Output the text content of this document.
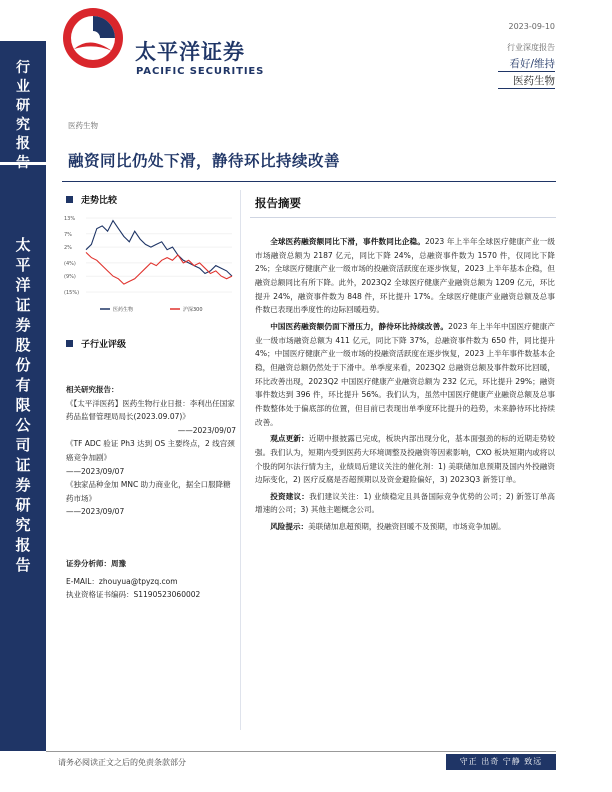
行
业
研
究
报
告
太
平
洋
证
券
股
份
有
限
公
司
证
券
研
究
报
告
太平洋证券
PACIFIC SECURITIES
2023-09-10
行业深度报告
看好/维持
医药生物
医药生物
融资同比仍处下滑，静待环比持续改善
走势比较
13%
7%
2%
(4%)
(9%)
(15%)
医药生物	沪深300
子行业评级
相关研究报告：
《【太平洋医药】医药生物行业日报：李利出任国家药品监督管理局局长(2023.09.07)》
——2023/09/07
《TF ADC 验证 Ph3 达到 OS 主要终点，2 线宫颈癌竞争加剧》
——2023/09/07
《独家品种金加 MNC 助力商业化，据全口服降糖药市场》
——2023/09/07
证券分析师：周豫
E-MAIL：zhouyua@tpyzq.com
执业资格证书编码：S1190523060002
报告摘要

全球医药融资额同比下滑，事件数同比企稳。2023 年上半年全球医疗健康产业一级市场融资总额为 2187 亿元，同比下降 24%，总融资事件数为 1570 件，仅同比下降 2%；全球医疗健康产业一级市场的投融资活跃度在逐步恢复，2023 上半年基本企稳，但融资总额同比有所下降。此外，2023Q2 全球医疗健康产业融资总额为 1209 亿元，环比提升 24%，融资事件数为 848 件，环比提升 17%。全球医疗健康产业融资总额及总事件数已表现出季度性的边际回暖趋势。

中国医药融资额仍面下滑压力，静待环比持续改善。2023 年上半年中国医疗健康产业一级市场融资总额为 411 亿元，同比下降 37%，总融资事件数为 650 件，同比提升 4%；中国医疗健康产业一级市场的投融资活跃度在逐步恢复，2023 上半年事件数基本企稳，但融资总额仍然处于下滑中。单季度来看，2023Q2 总融资总额及事件数环比回暖，环比改善出现，2023Q2 中国医疗健康产业融资总额为 232 亿元，环比提升 29%；融资事件数达到 396 件，环比提升 56%。我们认为，虽然中国医疗健康产业融资总额及总事件数整体处于偏底部的位置，但目前已表现出单季度环比提升的趋势，未来静待环比持续改善。

观点更新：近期中报披露已完成，板块内部出现分化，基本面强劲的标的近期走势较强。我们认为，短期内受到医药大环境调整及投融资等因素影响，CXO 板块短期内或将以个股的阿尔法行情为主，业绩局后建议关注的催化剂：1) 美联储加息预期及国内外投融资边际变化，2) 医疗反腐是否超预期以及资金避险偏好，3) 2023Q3 新签订单。

投资建议：我们建议关注：1) 业绩稳定且具备国际竞争优势的公司；2) 新签订单高增速的公司；3) 其他主题概念公司。

风险提示：美联储加息超预期，投融资回暖不及预期，市场竞争加剧。

请务必阅读正文之后的免责条款部分	守正 出奇 宁静 致远
